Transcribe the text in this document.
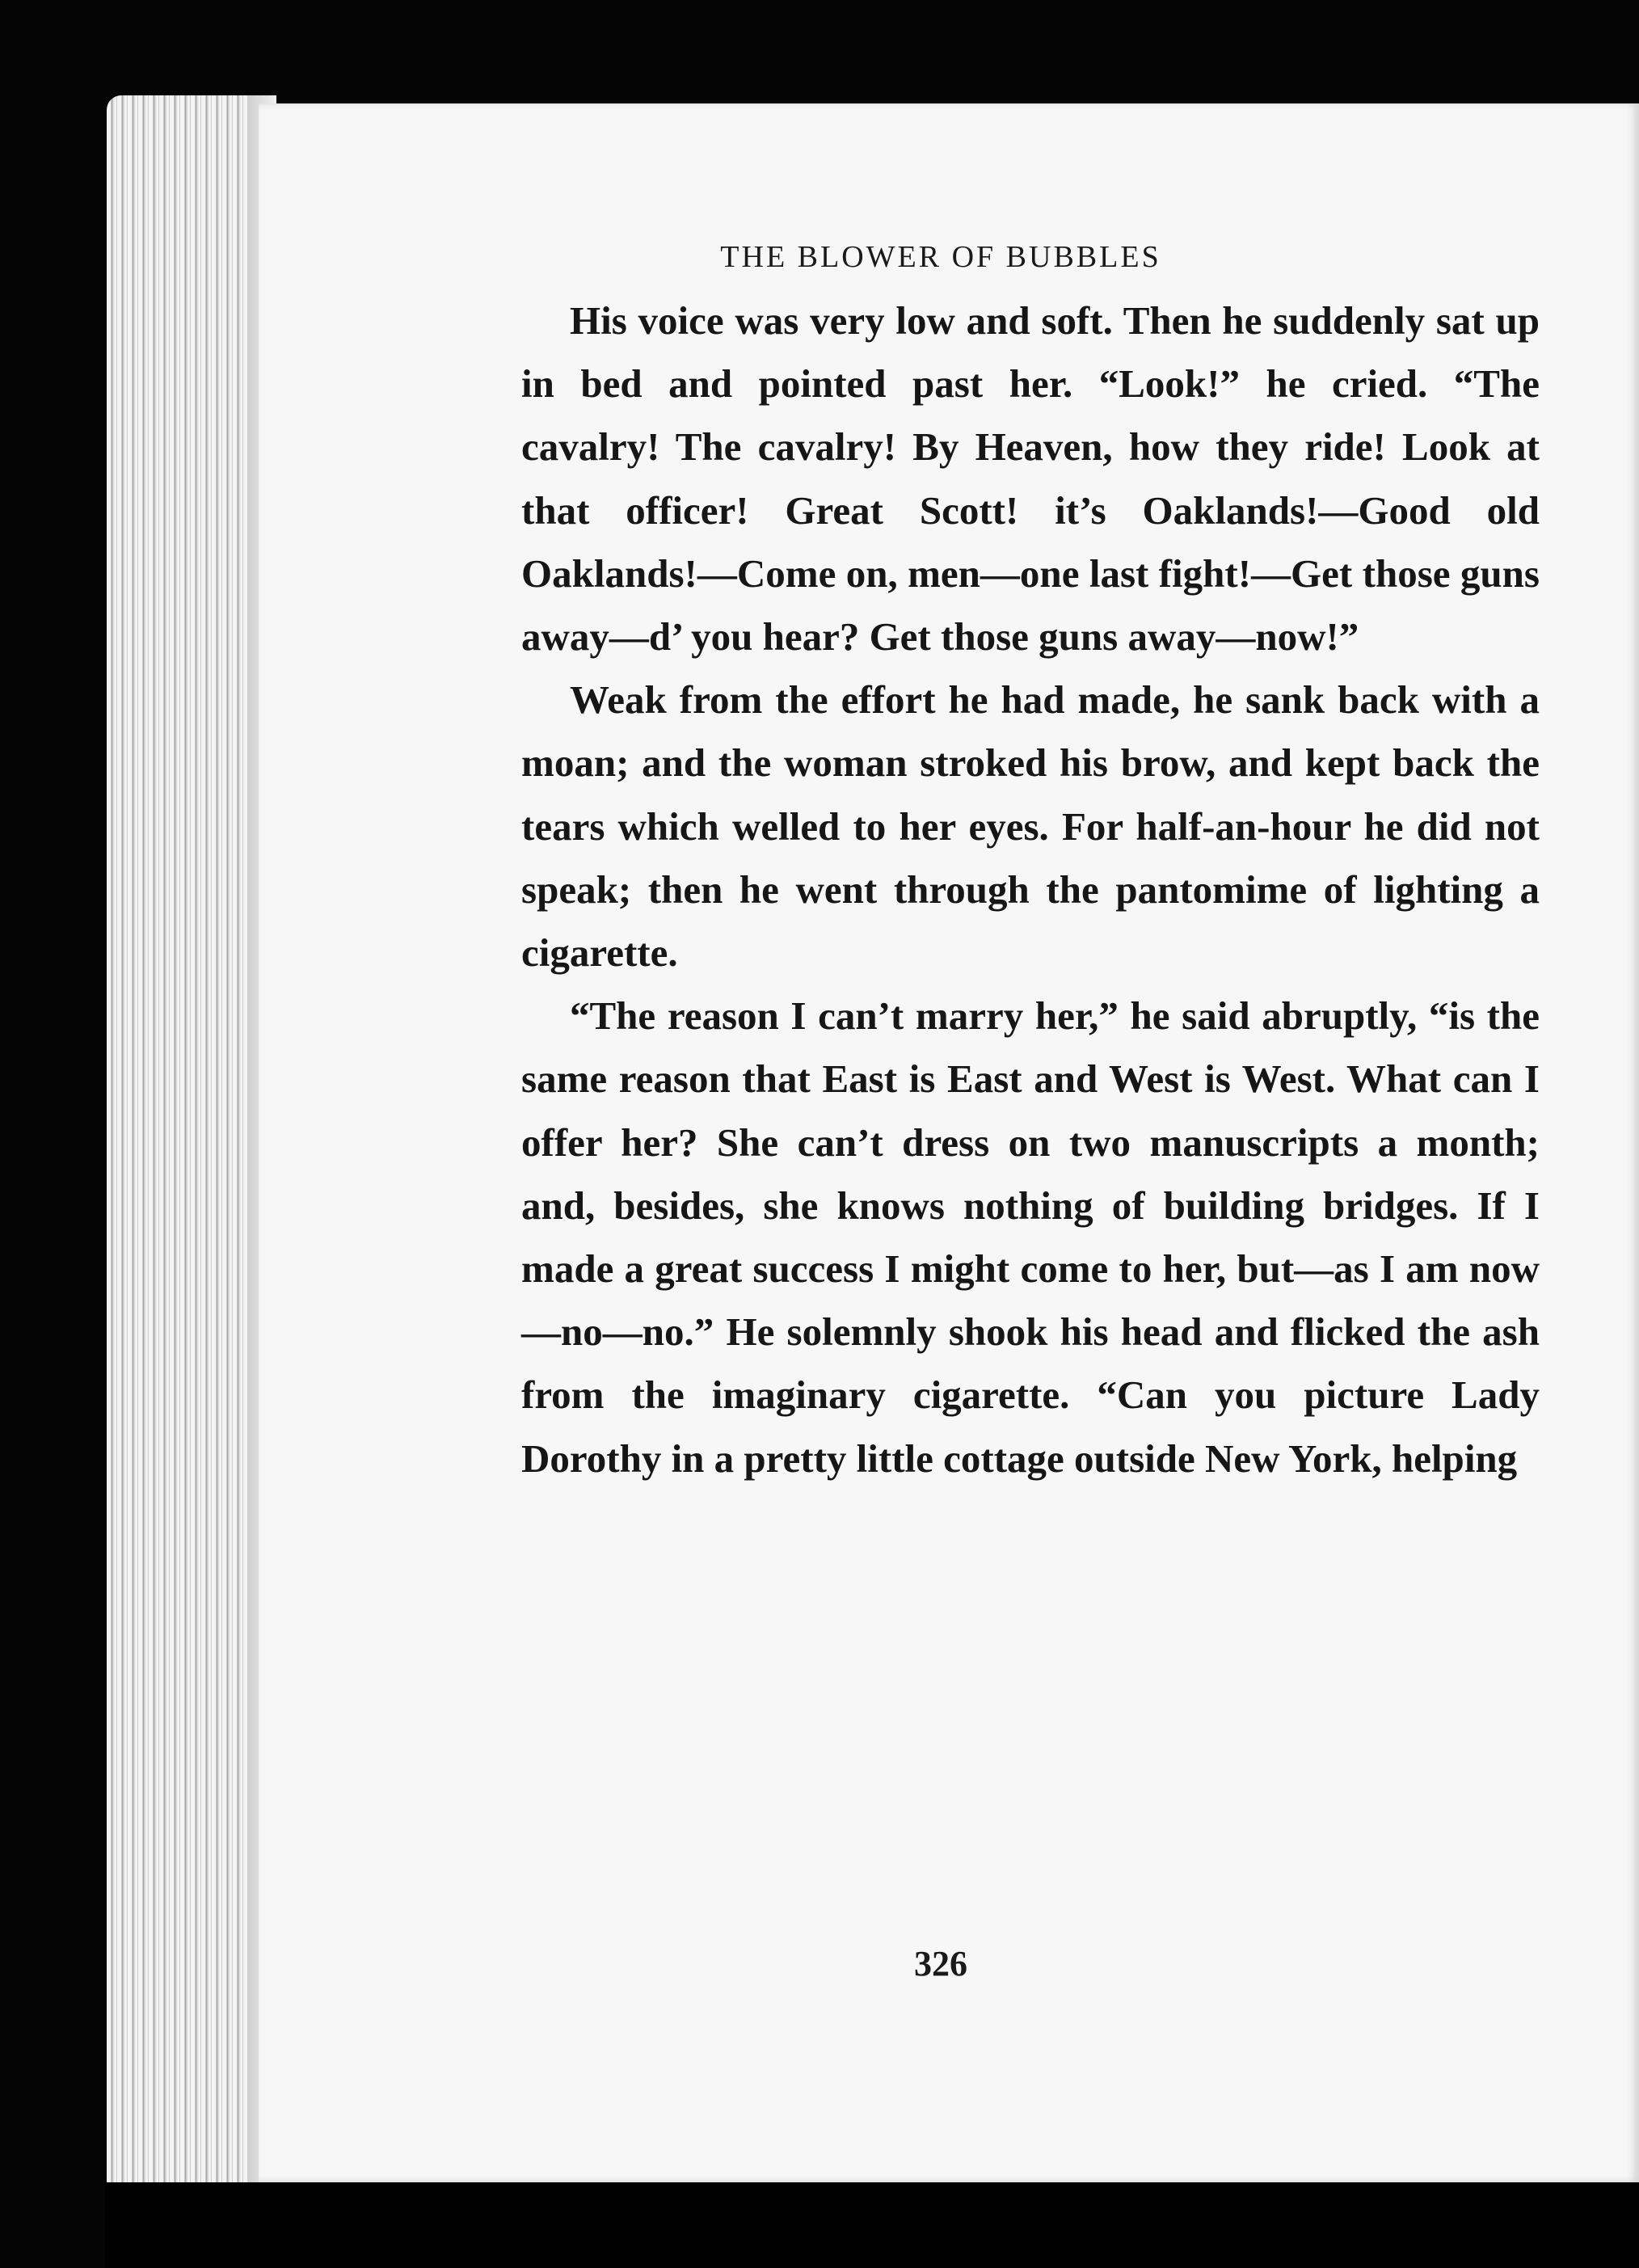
THE BLOWER OF BUBBLES

His voice was very low and soft. Then he suddenly sat up in bed and pointed past her. “Look!” he cried. “The cavalry! The cavalry! By Heaven, how they ride! Look at that officer! Great Scott! it’s Oaklands!—Good old Oaklands!—Come on, men—one last fight!—Get those guns away—d’ you hear? Get those guns away—now!”

Weak from the effort he had made, he sank back with a moan; and the woman stroked his brow, and kept back the tears which welled to her eyes. For half-an-hour he did not speak; then he went through the pantomime of lighting a cigarette.

“The reason I can’t marry her,” he said abruptly, “is the same reason that East is East and West is West. What can I offer her? She can’t dress on two manuscripts a month; and, besides, she knows nothing of building bridges. If I made a great success I might come to her, but—as I am now—no—no.” He solemnly shook his head and flicked the ash from the imaginary cigarette. “Can you picture Lady Dorothy in a pretty little cottage outside New York, helping

326
